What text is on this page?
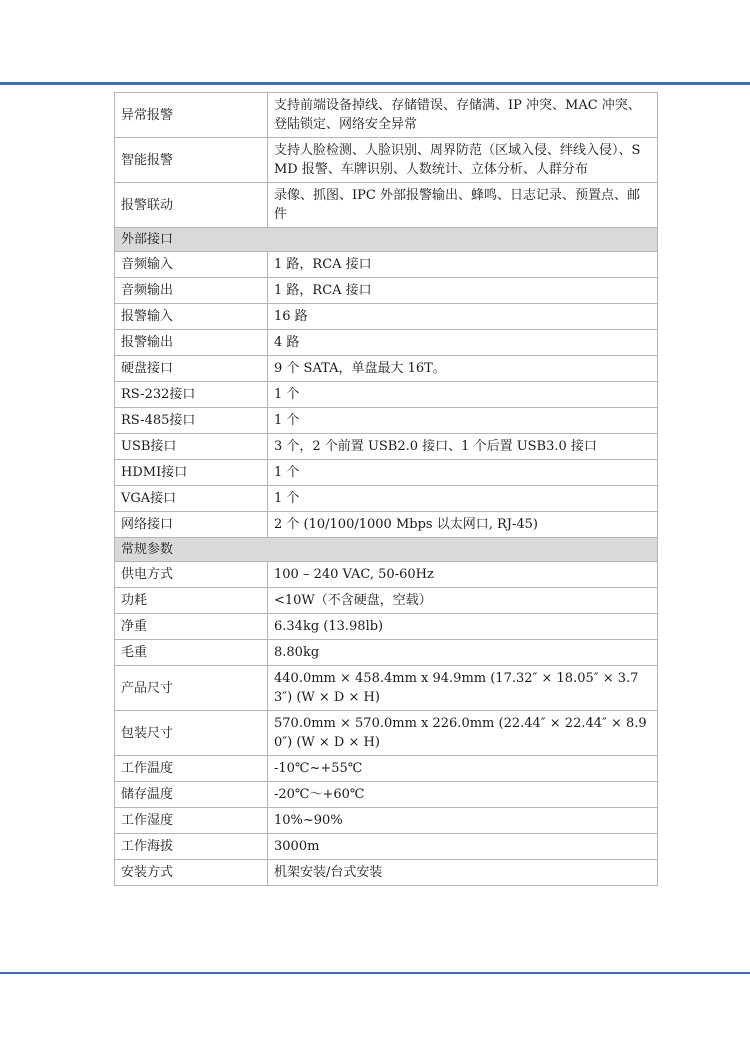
异常报警	支持前端设备掉线、存储错误、存储满、IP 冲突、MAC 冲突、登陆锁定、网络安全异常
智能报警	支持人脸检测、人脸识别、周界防范（区域入侵、绊线入侵）、SMD 报警、车牌识别、人数统计、立体分析、人群分布
报警联动	录像、抓图、IPC 外部报警输出、蜂鸣、日志记录、预置点、邮件
外部接口	
音频输入	1 路，RCA 接口
音频输出	1 路，RCA 接口
报警输入	16 路
报警输出	4 路
硬盘接口	9 个 SATA，单盘最大 16T。
RS-232接口	1 个
RS-485接口	1 个
USB接口	3 个，2 个前置 USB2.0 接口、1 个后置 USB3.0 接口
HDMI接口	1 个
VGA接口	1 个
网络接口	2 个 (10/100/1000 Mbps 以太网口, RJ-45)
常规参数	
供电方式	100 – 240 VAC, 50-60Hz
功耗	<10W（不含硬盘，空载）
净重	6.34kg (13.98lb)
毛重	8.80kg
产品尺寸	440.0mm × 458.4mm x 94.9mm (17.32″ × 18.05″ × 3.73″) (W × D × H)
包装尺寸	570.0mm × 570.0mm x 226.0mm (22.44″ × 22.44″ × 8.90″) (W × D × H)
工作温度	-10℃~+55℃
储存温度	-20℃～+60℃
工作湿度	10%~90%
工作海拔	3000m
安装方式	机架安装/台式安装
